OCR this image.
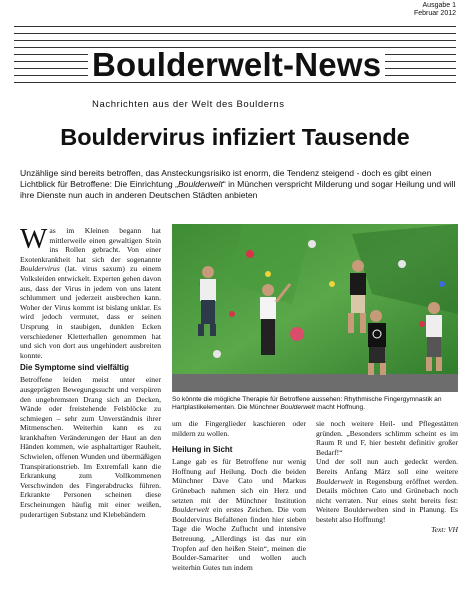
Ausgabe 1
Februar 2012
Boulderwelt-News
Nachrichten aus der Welt des Boulderns
Bouldervirus infiziert Tausende
Unzählige sind bereits betroffen, das Ansteckungsrisiko ist enorm, die Tendenz steigend - doch es gibt einen Lichtblick für Betroffene: Die Einrichtung „Boulderwelt“ in München verspricht Milderung und sogar Heilung und will ihre Dienste nun auch in anderen Deutschen Städten anbieten

Was im Kleinen begann hat mittlerweile einen gewaltigen Stein ins Rollen gebracht. Von einer Exotenkrankheit hat sich der sogenannte Bouldervirus (lat. virus saxum) zu einem Volksleiden entwickelt. Experten gehen davon aus, dass der Virus in jedem von uns latent schlummert und jederzeit ausbrechen kann. Woher der Virus kommt ist bislang unklar. Es wird jedoch vermutet, dass er seinen Ursprung in staubigen, dunklen Ecken verschiedener Kletterhallen genommen hat und sich von dort aus ungehindert ausbreiten konnte.

Die Symptome sind vielfältig

Betroffene leiden meist unter einer ausgeprägten Bewegungssucht und verspüren den ungebremsten Drang sich an Decken, Wände oder freistehende Felsblöcke zu schmiegen – sehr zum Unverständnis ihrer Mitmenschen. Weiterhin kann es zu krankhaften Veränderungen der Haut an den Händen kommen, wie asphaltartiger Rauheit, Schwielen, offenen Wunden und übermäßigen Transpirationstrieb. Im Extremfall kann die Erkrankung zum Vollkommenen Verschwinden des Fingerabdrucks führen. Erkrankte Personen scheinen diese Erscheinungen häufig mit einer weißen, puderartigen Substanz und Klebebändern

So könnte die mögliche Therapie für Betroffene aussehen: Rhythmische Fingergymnastik an Hartplastikelementen. Die Münchner Boulderwelt macht Hoffnung.

um die Fingerglieder kaschieren oder mildern zu wollen.

Heilung in Sicht

Lange gab es für Betroffene nur wenig Hoffnung auf Heilung. Doch die beiden Münchner Dave Cato und Markus Grünebach nahmen sich ein Herz und setzten mit der Münchner Institution Boulderwelt ein erstes Zeichen. Die vom Bouldervirus Befallenen finden hier sieben Tage die Woche Zuflucht und intensive Betreuung. „Allerdings ist das nur ein Tropfen auf den heißen Stein“, meinen die Boulder-Samariter und wollen auch weiterhin Gutes tun indem

sie noch weitere Heil- und Pflegestätten gründen. „Besonders schlimm scheint es im Raum R und F, hier besteht definitiv großer Bedarf!“

Und der soll nun auch gedeckt werden. Bereits Anfang März soll eine weitere Boulderwelt in Regensburg eröffnet werden. Details möchten Cato und Grünebach noch nicht verraten. Nur eines steht bereits fest: Weitere Boulderwelten sind in Planung. Es besteht also Hoffnung!

Text: VH
